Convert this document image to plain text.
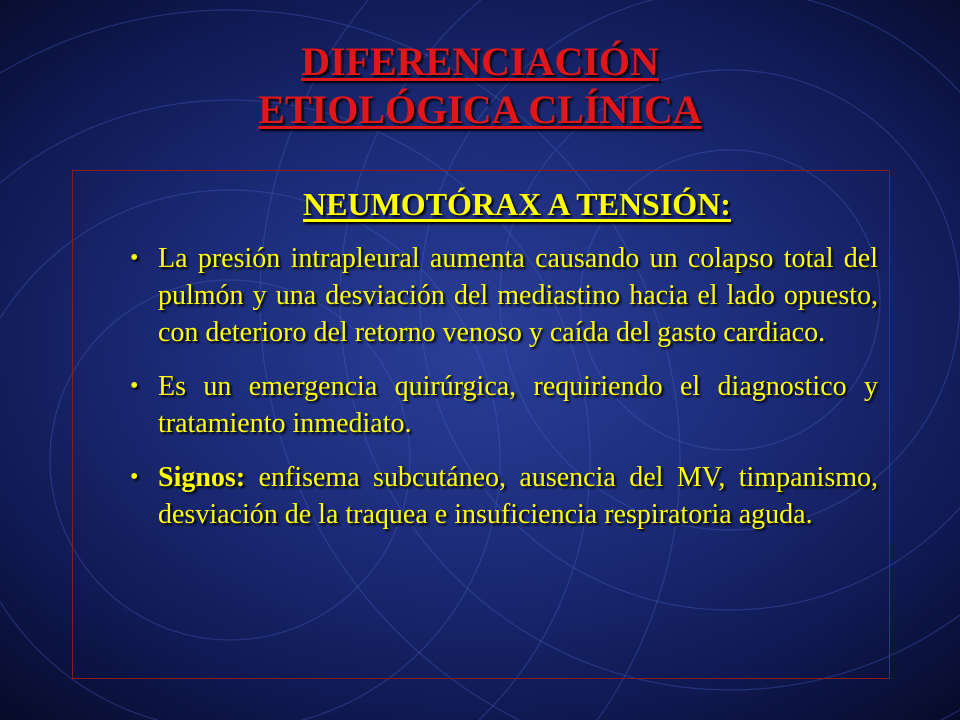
DIFERENCIACIÓN
ETIOLÓGICA CLÍNICA
NEUMOTÓRAX A TENSIÓN:
• La presión intrapleural aumenta causando un colapso total del pulmón y una desviación del mediastino hacia el lado opuesto, con deterioro del retorno venoso y caída del gasto cardiaco.
• Es un emergencia quirúrgica, requiriendo el diagnostico y tratamiento inmediato.
• Signos: enfisema subcutáneo, ausencia del MV, timpanismo, desviación de la traquea e insuficiencia respiratoria aguda.
